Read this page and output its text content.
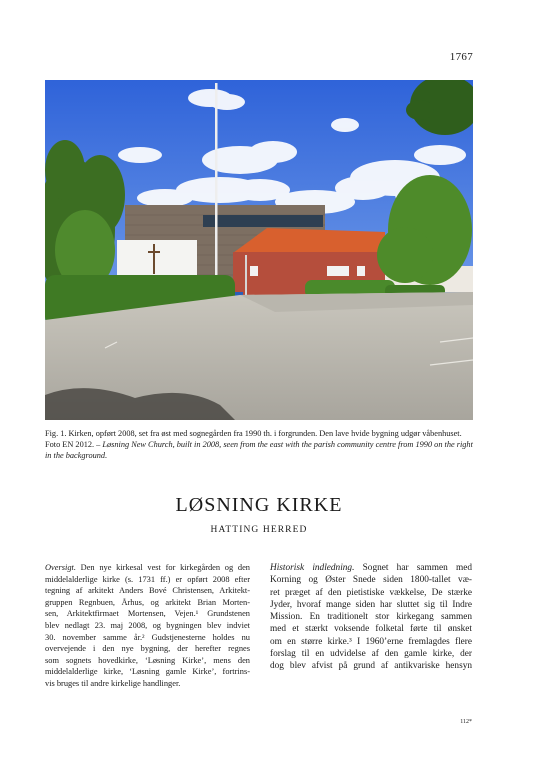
1767
Fig. 1. Kirken, opført 2008, set fra øst med sognegården fra 1990 th. i forgrunden. Den lave hvide bygning udgør våbenhuset. Foto EN 2012. – Løsning New Church, built in 2008, seen from the east with the parish community centre from 1990 on the right in the background.
LØSNING KIRKE
HATTING HERRED
Oversigt. Den nye kirkesal vest for kirkegården og den
middelalderlige kirke (s. 1731 ff.) er opført 2008 efter
tegning af arkitekt Anders Bové Christensen, Arkitekt-
gruppen Regnbuen, Århus, og arkitekt Brian Morten-
sen, Arkitektfirmaet Mortensen, Vejen.¹ Grundstenen
blev nedlagt 23. maj 2008, og bygningen blev indviet
30. november samme år.² Gudstjenesterne holdes nu
overvejende i den nye bygning, der herefter regnes
som sognets hovedkirke, ‘Løsning Kirke’, mens den
middelalderlige kirke, ‘Løsning gamle Kirke’, fortrins-
vis bruges til andre kirkelige handlinger.
Historisk indledning. Sognet har sammen med
Korning og Øster Snede siden 1800-tallet væ-
ret præget af den pietistiske vækkelse, De stærke
Jyder, hvoraf mange siden har sluttet sig til Indre
Mission. En traditionelt stor kirkegang sammen
med et stærkt voksende folketal førte til ønsket
om en større kirke.³ I 1960’erne fremlagdes flere
forslag til en udvidelse af den gamle kirke, der
dog blev afvist på grund af antikvariske hensyn
112*
